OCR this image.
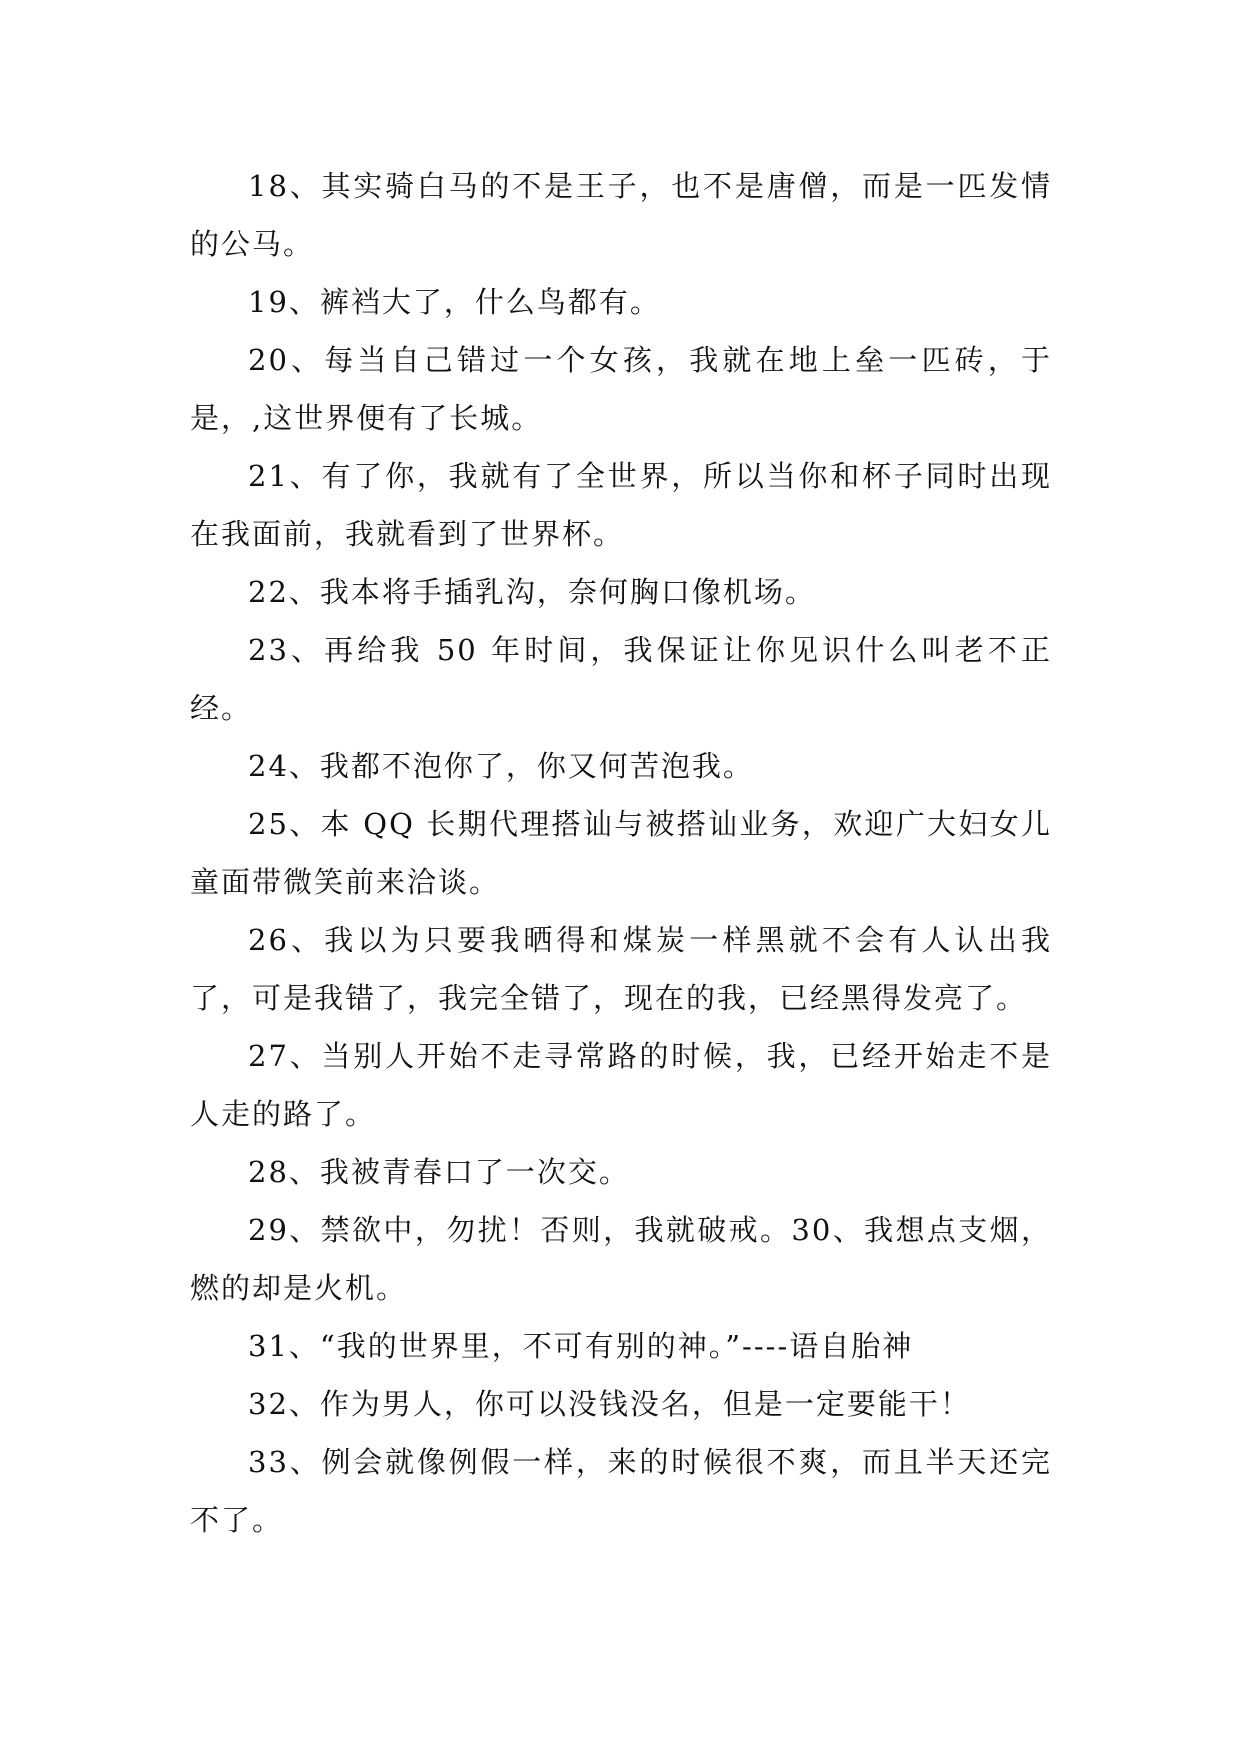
18、其实骑白马的不是王子，也不是唐僧，而是一匹发情的公马。

19、裤裆大了，什么鸟都有。

20、每当自己错过一个女孩，我就在地上垒一匹砖，于是，,这世界便有了长城。

21、有了你，我就有了全世界，所以当你和杯子同时出现在我面前，我就看到了世界杯。

22、我本将手插乳沟，奈何胸口像机场。

23、再给我 50 年时间，我保证让你见识什么叫老不正经。

24、我都不泡你了，你又何苦泡我。

25、本 QQ 长期代理搭讪与被搭讪业务，欢迎广大妇女儿童面带微笑前来洽谈。

26、我以为只要我晒得和煤炭一样黑就不会有人认出我了，可是我错了，我完全错了，现在的我，已经黑得发亮了。

27、当别人开始不走寻常路的时候，我，已经开始走不是人走的路了。

28、我被青春口了一次交。

29、禁欲中，勿扰！否则，我就破戒。30、我想点支烟，燃的却是火机。

31、“我的世界里，不可有别的神。”----语自胎神

32、作为男人，你可以没钱没名，但是一定要能干！

33、例会就像例假一样，来的时候很不爽，而且半天还完不了。
